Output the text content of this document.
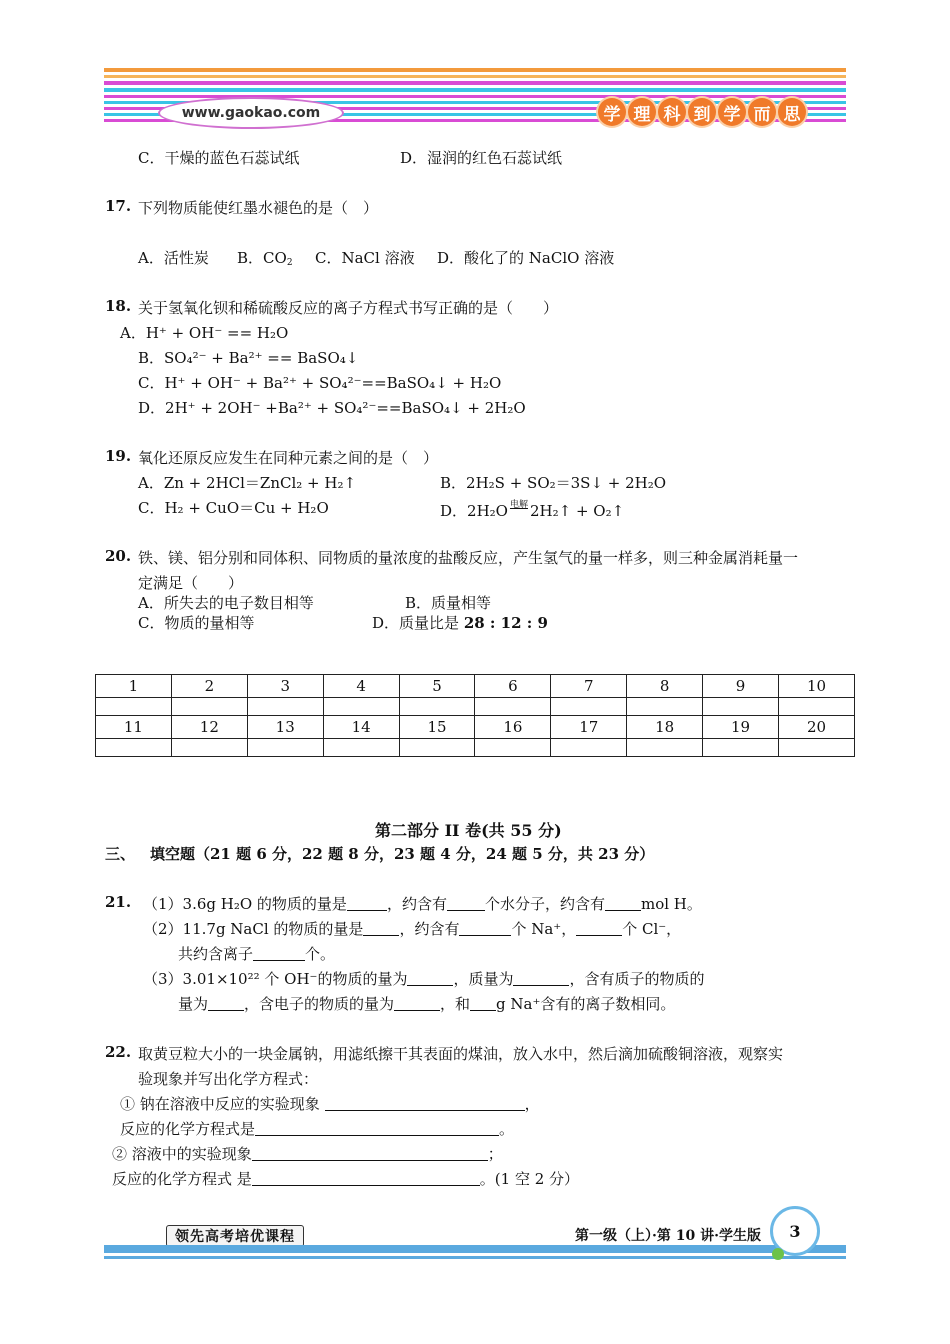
www.gaokao.com	学 理 科 到 学 而 思
C．干燥的蓝色石蕊试纸	D．湿润的红色石蕊试纸
17. 下列物质能使红墨水褪色的是（　）
A．活性炭 B．$CO_2$ C．NaCl 溶液 D．酸化了的 NaClO 溶液
18. 关于氢氧化钡和稀硫酸反应的离子方程式书写正确的是（　　）
A．H⁺ + OH⁻ == H₂O
B．SO₄²⁻ + Ba²⁺ == BaSO₄↓
C．H⁺ + OH⁻ + Ba²⁺ + SO₄²⁻==BaSO₄↓ + H₂O
D．2H⁺ + 2OH⁻ +Ba²⁺ + SO₄²⁻==BaSO₄↓ + 2H₂O
19. 氧化还原反应发生在同种元素之间的是（　）
A．Zn + 2HCl＝ZnCl₂ + H₂↑	B．2H₂S + SO₂＝3S↓ + 2H₂O
C．H₂ + CuO＝Cu + H₂O	D．2H₂O $^{电解}$ 2H₂↑ + O₂↑
20. 铁、镁、铝分别和同体积、同物质的量浓度的盐酸反应，产生氢气的量一样多，则三种金属消耗量一
定满足（　　）
A．所失去的电子数目相等	B．质量相等
C．物质的量相等	D．质量比是 28 : 12 : 9
1	2	3	4	5	6	7	8	9	10

11	12	13	14	15	16	17	18	19	20

第二部分 II 卷(共 55 分)
三、 填空题（21 题 6 分，22 题 8 分，23 题 4 分，24 题 5 分，共 23 分）
21. （1）3.6g H₂O 的物质的量是	，约含有	个水分子，约含有 mol H。
（2）11.7g NaCl 的物质的量是 ，约含有	个 Na⁺，	个 Cl⁻，
共约含离子	个。
（3）3.01×10²² 个 OH⁻的物质的量为	，质量为	，含有质子的物质的
量为 ，含电子的物质的量为	，和 g Na⁺含有的离子数相同。
22. 取黄豆粒大小的一块金属钠，用滤纸擦干其表面的煤油，放入水中，然后滴加硫酸铜溶液，观察实
验现象并写出化学方程式：
① 钠在溶液中反应的实验现象	，
反应的化学方程式是	。
② 溶液中的实验现象	；
反应的化学方程式 是	。(1 空 2 分）
领先高考培优课程	第一级（上）·第 10 讲·学生版	3
